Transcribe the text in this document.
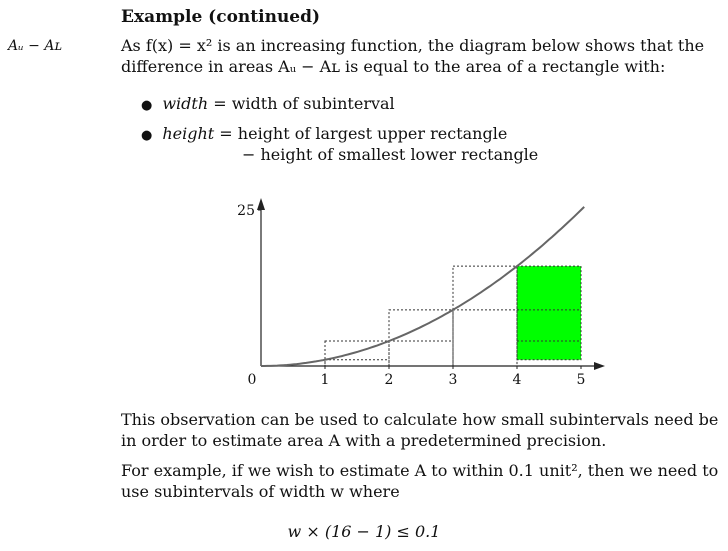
Example (continued)
Aᵤ − Aʟ	As f(x) = x² is an increasing function, the diagram below shows that the difference in areas Aᵤ − Aʟ is equal to the area of a rectangle with:
● width = width of subinterval
● height = height of largest upper rectangle
− height of smallest lower rectangle
0	1	2	3	4	5
25
This observation can be used to calculate how small subintervals need be in order to estimate area A with a predetermined precision.
For example, if we wish to estimate A to within 0.1 unit², then we need to use subintervals of width w where
w × (16 − 1) ≤ 0.1
